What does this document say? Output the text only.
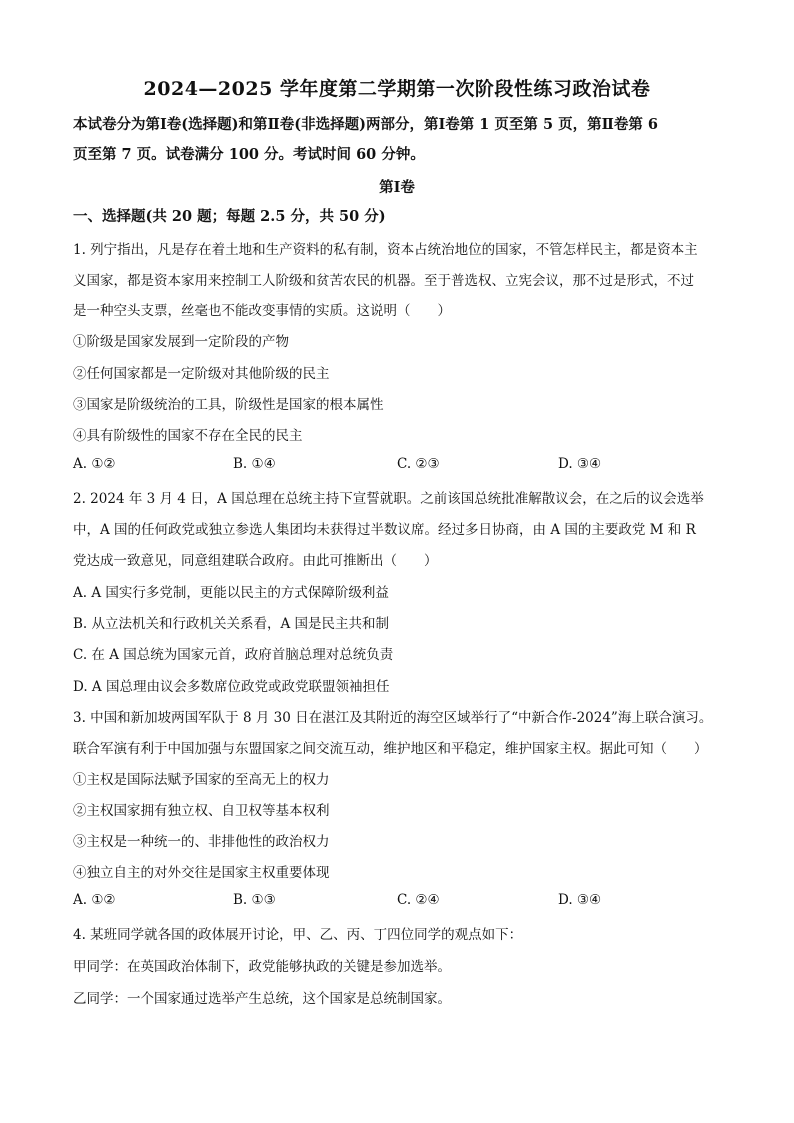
2024—2025 学年度第二学期第一次阶段性练习政治试卷
本试卷分为第Ⅰ卷(选择题)和第Ⅱ卷(非选择题)两部分，第Ⅰ卷第 1 页至第 5 页，第Ⅱ卷第 6
页至第 7 页。试卷满分 100 分。考试时间 60 分钟。
第Ⅰ卷
一、选择题(共 20 题；每题 2.5 分，共 50 分)
1. 列宁指出，凡是存在着土地和生产资料的私有制，资本占统治地位的国家，不管怎样民主，都是资本主
义国家，都是资本家用来控制工人阶级和贫苦农民的机器。至于普选权、立宪会议，那不过是形式，不过
是一种空头支票，丝毫也不能改变事情的实质。这说明（　　）
①阶级是国家发展到一定阶段的产物
②任何国家都是一定阶级对其他阶级的民主
③国家是阶级统治的工具，阶级性是国家的根本属性
④具有阶级性的国家不存在全民的民主
A. ①②	B. ①④	C. ②③	D. ③④
2. 2024 年 3 月 4 日，A 国总理在总统主持下宣誓就职。之前该国总统批准解散议会，在之后的议会选举
中，A 国的任何政党或独立参选人集团均未获得过半数议席。经过多日协商，由 A 国的主要政党 M 和 R
党达成一致意见，同意组建联合政府。由此可推断出（　　）
A. A 国实行多党制，更能以民主的方式保障阶级利益
B. 从立法机关和行政机关关系看，A 国是民主共和制
C. 在 A 国总统为国家元首，政府首脑总理对总统负责
D. A 国总理由议会多数席位政党或政党联盟领袖担任
3. 中国和新加坡两国军队于 8 月 30 日在湛江及其附近的海空区域举行了“中新合作-2024”海上联合演习。
联合军演有利于中国加强与东盟国家之间交流互动，维护地区和平稳定，维护国家主权。据此可知（　　）
①主权是国际法赋予国家的至高无上的权力
②主权国家拥有独立权、自卫权等基本权利
③主权是一种统一的、非排他性的政治权力
④独立自主的对外交往是国家主权重要体现
A. ①②	B. ①③	C. ②④	D. ③④
4. 某班同学就各国的政体展开讨论，甲、乙、丙、丁四位同学的观点如下：
甲同学：在英国政治体制下，政党能够执政的关键是参加选举。
乙同学：一个国家通过选举产生总统，这个国家是总统制国家。
